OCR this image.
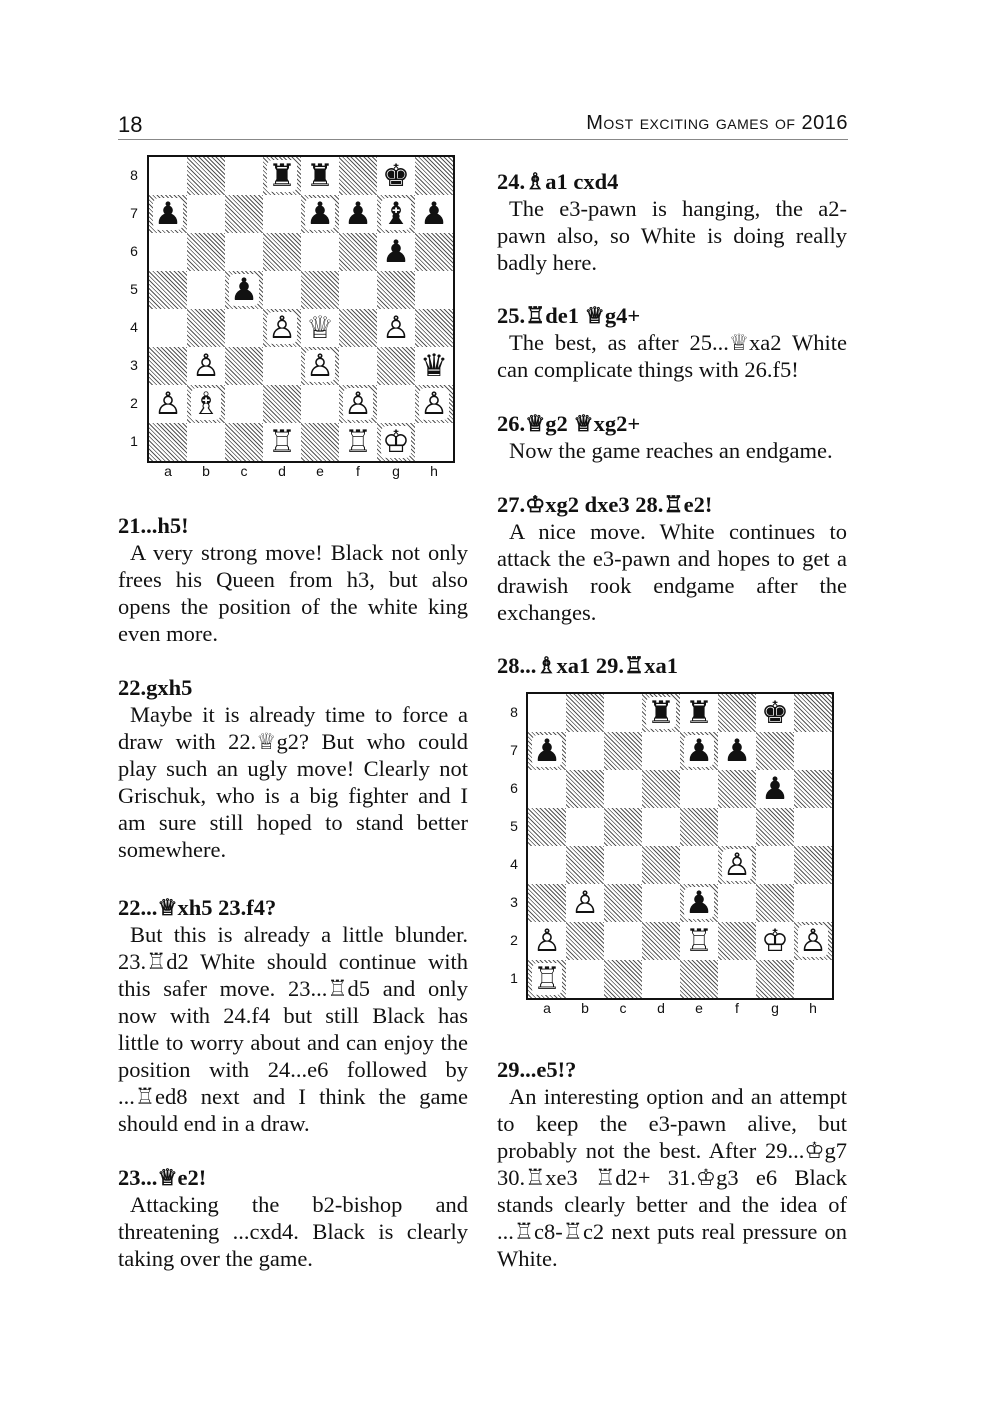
18	Most exciting games of 2016

21...h5!

A very strong move! Black not only frees his Queen from h3, but also opens the position of the white king even more.

22.gxh5

Maybe it is already time to force a draw with 22.♕g2? But who could play such an ugly move! Clearly not Grischuk, who is a big fighter and I am sure still hoped to stand better somewhere.

22...♕xh5 23.f4?

But this is already a little blunder. 23.♖d2 White should continue with this safer move. 23...♖d5 and only now with 24.f4 but still Black has little to worry about and can enjoy the position with 24...e6 followed by ...♖ed8 next and I think the game should end in a draw.

23...♕e2!

Attacking the b2-bishop and threatening ...cxd4. Black is clearly taking over the game.

24.♗a1 cxd4

The e3-pawn is hanging, the a2-pawn also, so White is doing really badly here.

25.♖de1 ♕g4+

The best, as after 25...♕xa2 White can complicate things with 26.f5!

26.♕g2 ♕xg2+

Now the game reaches an endgame.

27.♔xg2 dxe3 28.♖e2!

A nice move. White continues to attack the e3-pawn and hopes to get a drawish rook endgame after the exchanges.

28...♗xa1 29.♖xa1

29...e5!?

An interesting option and an attempt to keep the e3-pawn alive, but probably not the best. After 29...♔g7 30.♖xe3 ♖d2+ 31.♔g3 e6 Black stands clearly better and the idea of ...♖c8-♖c2 next puts real pressure on White.

♜ ♜ ♚
♟	♟ ♟ ♝ ♟
♟
♟
♙ ♕ ♙
♙	♙	♛
♙ ♗	♙ ♙
♖ ♖ ♔
8
7
6
5
4
3
2
1
a	b	c	d	e	f	g	h
♜ ♜ ♚
♟	♟ ♟
♟
♙
♙	♟
♙	♖ ♔ ♙
♖
8
7
6
5
4
3
2
1
a	b	c	d	e	f	g	h
